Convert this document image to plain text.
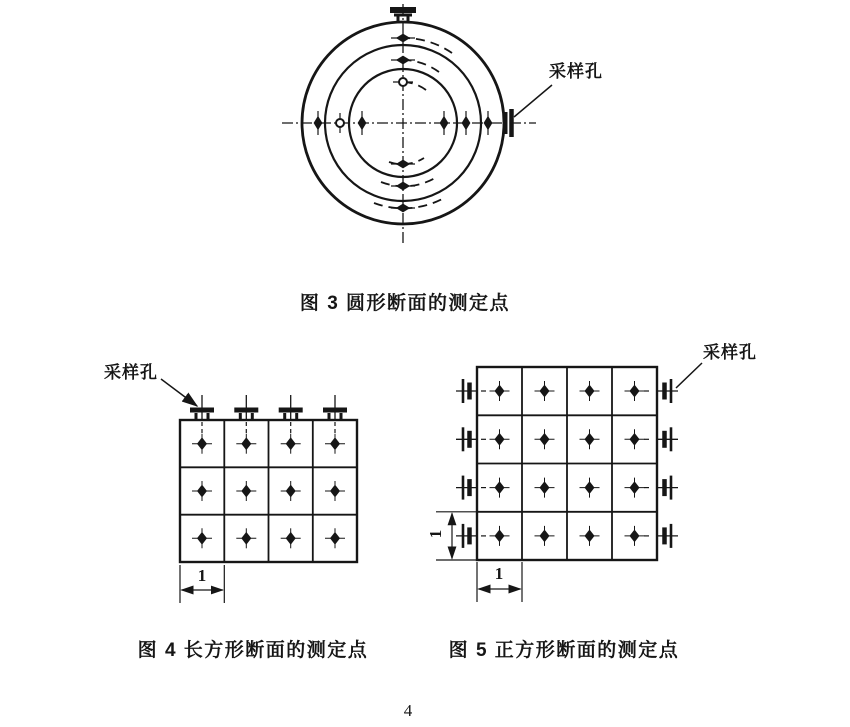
采样孔
图 3 圆形断面的测定点
采样孔
1
图 4 长方形断面的测定点
采样孔
1
1
图 5 正方形断面的测定点
4
